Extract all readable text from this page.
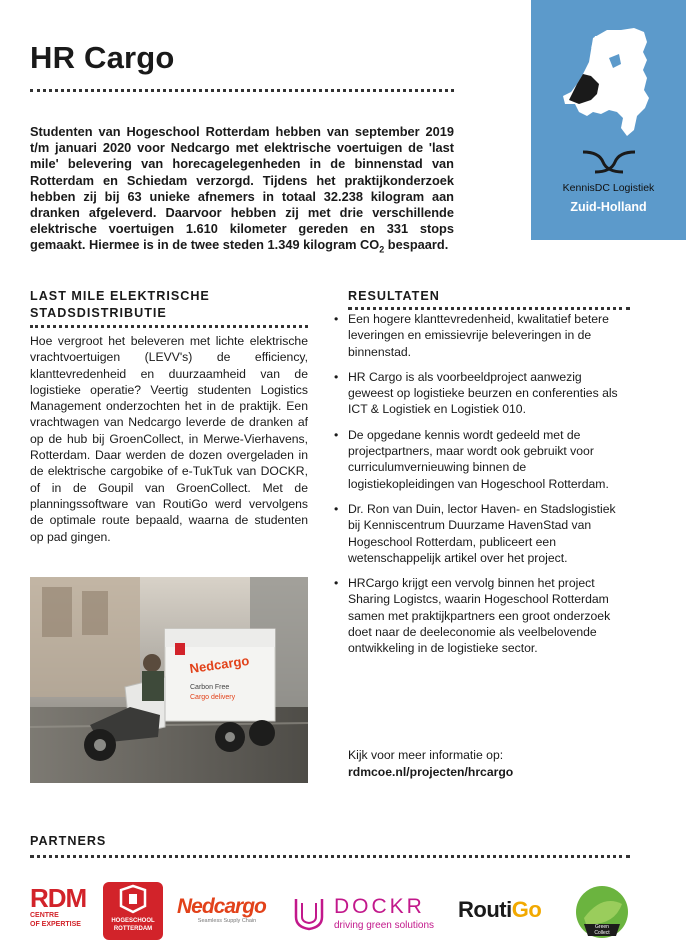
HR Cargo
Studenten van Hogeschool Rotterdam hebben van september 2019 t/m januari 2020 voor Nedcargo met elektrische voertuigen de 'last mile' belevering van horecagelegenheden in de binnenstad van Rotterdam en Schiedam verzorgd. Tijdens het praktijkonderzoek hebben zij bij 63 unieke afnemers in totaal 32.238 kilogram aan dranken afgeleverd. Daarvoor hebben zij met drie verschillende elektrische voertuigen 1.610 kilometer gereden en 331 stops gemaakt. Hiermee is in de twee steden 1.349 kilogram $CO_2$ bespaard.
KennisDC Logistiek
Zuid-Holland
LAST MILE ELEKTRISCHE
STADSDISTRIBUTIE
Hoe vergroot het beleveren met lichte elektrische vrachtvoertuigen (LEVV's) de efficiency, klanttevredenheid en duurzaamheid van de logistieke operatie? Veertig studenten Logistics Management onderzochten het in de praktijk. Een vrachtwagen van Nedcargo leverde de dranken af op de hub bij GroenCollect, in Merwe-Vierhavens, Rotterdam. Daar werden de dozen overgeladen in de elektrische cargobike of e-TukTuk van DOCKR, of in de Goupil van GroenCollect. Met de planningssoftware van RoutiGo werd vervolgens de optimale route bepaald, waarna de studenten op pad gingen.
Nedcargo
Carbon Free
Cargo delivery
RESULTATEN
• Een hogere klanttevredenheid, kwalitatief betere leveringen en emissievrije beleveringen in de binnenstad.
• HR Cargo is als voorbeeldproject aanwezig geweest op logistieke beurzen en conferenties als ICT & Logistiek en Logistiek 010.
• De opgedane kennis wordt gedeeld met de projectpartners, maar wordt ook gebruikt voor curriculumvernieuwing binnen de logistiekopleidingen van Hogeschool Rotterdam.
• Dr. Ron van Duin, lector Haven- en Stadslogistiek bij Kenniscentrum Duurzame HavenStad van Hogeschool Rotterdam, publiceert een wetenschappelijk artikel over het project.
• HRCargo krijgt een vervolg binnen het project Sharing Logistcs, waarin Hogeschool Rotterdam samen met praktijkpartners een groot onderzoek doet naar de deeleconomie als veelbelovende ontwikkeling in de logistieke sector.
Kijk voor meer informatie op:
rdmcoe.nl/projecten/hrcargo
PARTNERS
RDM
CENTRE
OF EXPERTISE	HOGESCHOOL
ROTTERDAM
Nedcargo
Seamless Supply Chain
DOCKR
driving green solutions
RoutiGo
Green
Collect
